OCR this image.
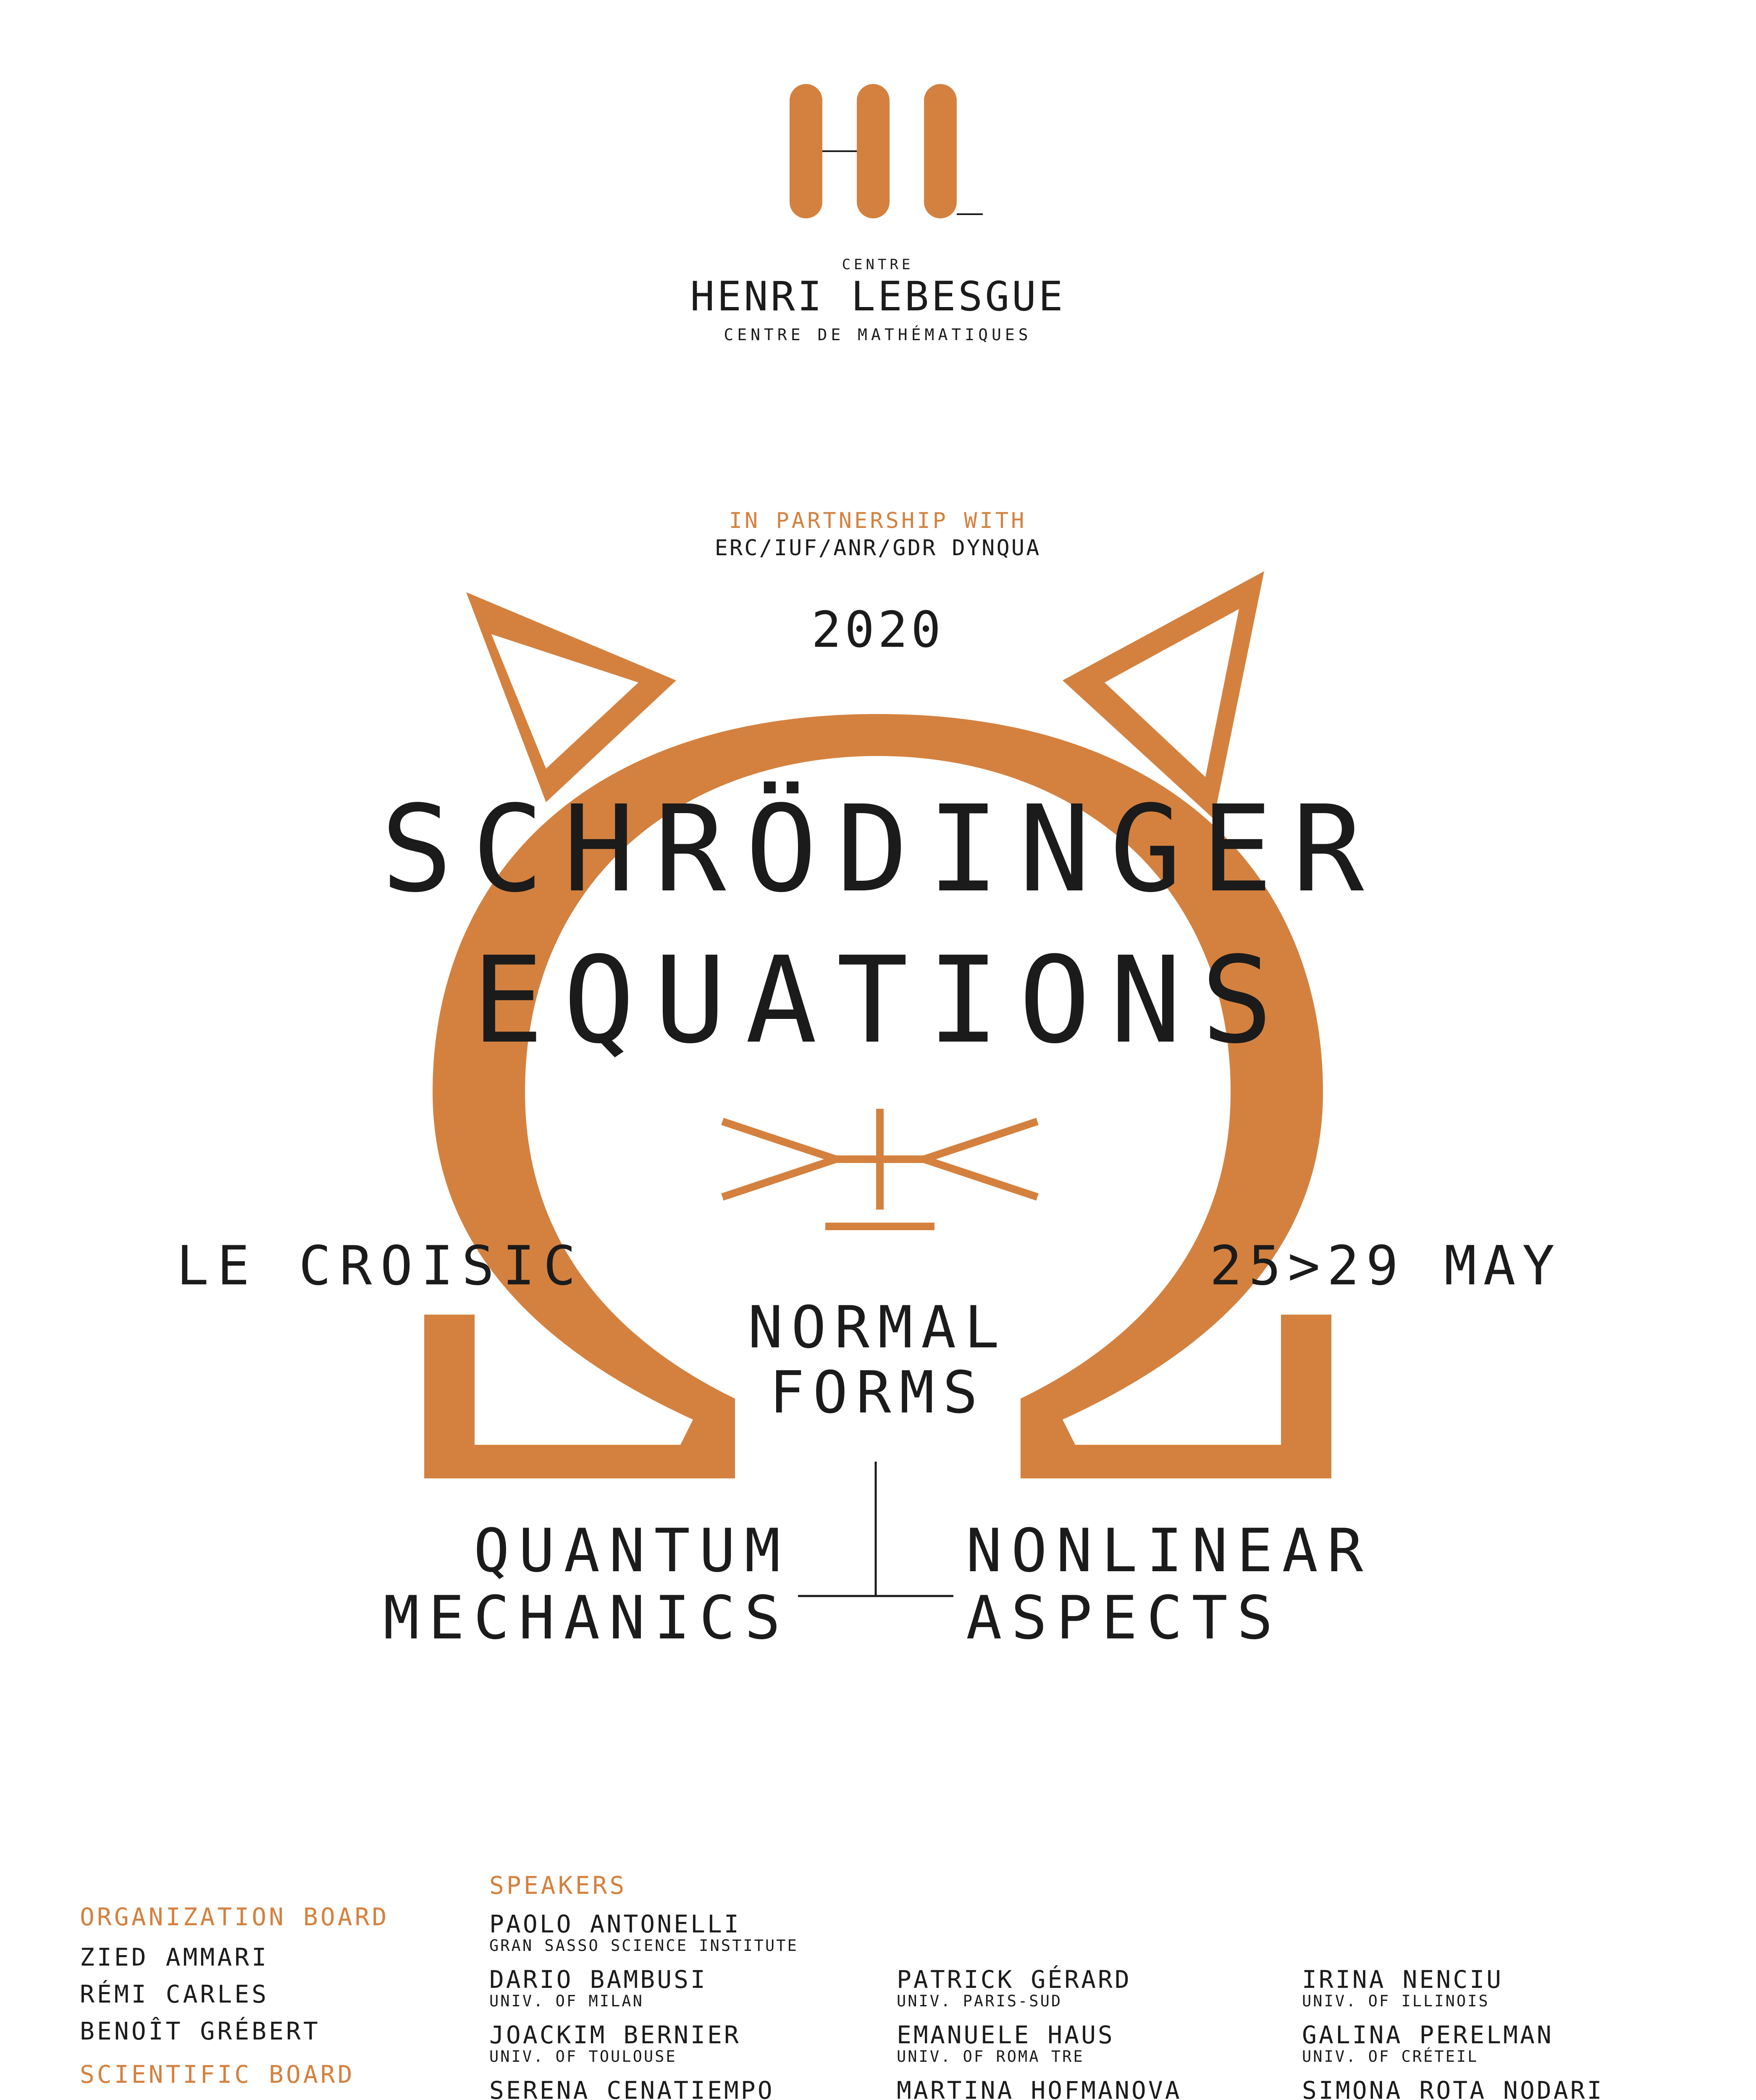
CENTRE
HENRI LEBESGUE
CENTRE DE MATHÉMATIQUES
IN PARTNERSHIP WITH
ERC/IUF/ANR/GDR DYNQUA
2020
SCHRÖDINGER
EQUATIONS
LE CROISIC	25>29 MAY
NORMAL
FORMS
QUANTUM
MECHANICS
NONLINEAR
ASPECTS
ORGANIZATION BOARD
ZIED AMMARI
RÉMI CARLES
BENOÎT GRÉBERT
SCIENTIFIC BOARD
SPEAKERS
PAOLO ANTONELLI
GRAN SASSO SCIENCE INSTITUTE
DARIO BAMBUSI
UNIV. OF MILAN
JOACKIM BERNIER
UNIV. OF TOULOUSE
SERENA CENATIEMPO
PATRICK GÉRARD
UNIV. PARIS-SUD
EMANUELE HAUS
UNIV. OF ROMA TRE
MARTINA HOFMANOVA
IRINA NENCIU
UNIV. OF ILLINOIS
GALINA PERELMAN
UNIV. OF CRÉTEIL
SIMONA ROTA NODARI
